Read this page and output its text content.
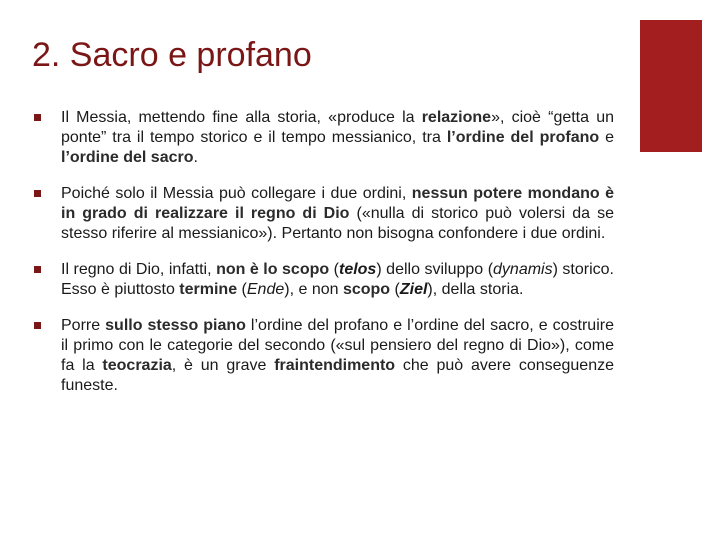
2. Sacro e profano
Il Messia, mettendo fine alla storia, «produce la relazione», cioè “getta un ponte” tra il tempo storico e il tempo messianico, tra l’ordine del profano e l’ordine del sacro.
Poiché solo il Messia può collegare i due ordini, nessun potere mondano è in grado di realizzare il regno di Dio («nulla di storico può volersi da se stesso riferire al messianico»). Pertanto non bisogna confondere i due ordini.
Il regno di Dio, infatti, non è lo scopo (telos) dello sviluppo (dynamis) storico. Esso è piuttosto termine (Ende), e non scopo (Ziel), della storia.
Porre sullo stesso piano l’ordine del profano e l’ordine del sacro, e costruire il primo con le categorie del secondo («sul pensiero del regno di Dio»), come fa la teocrazia, è un grave fraintendimento che può avere conseguenze funeste.
